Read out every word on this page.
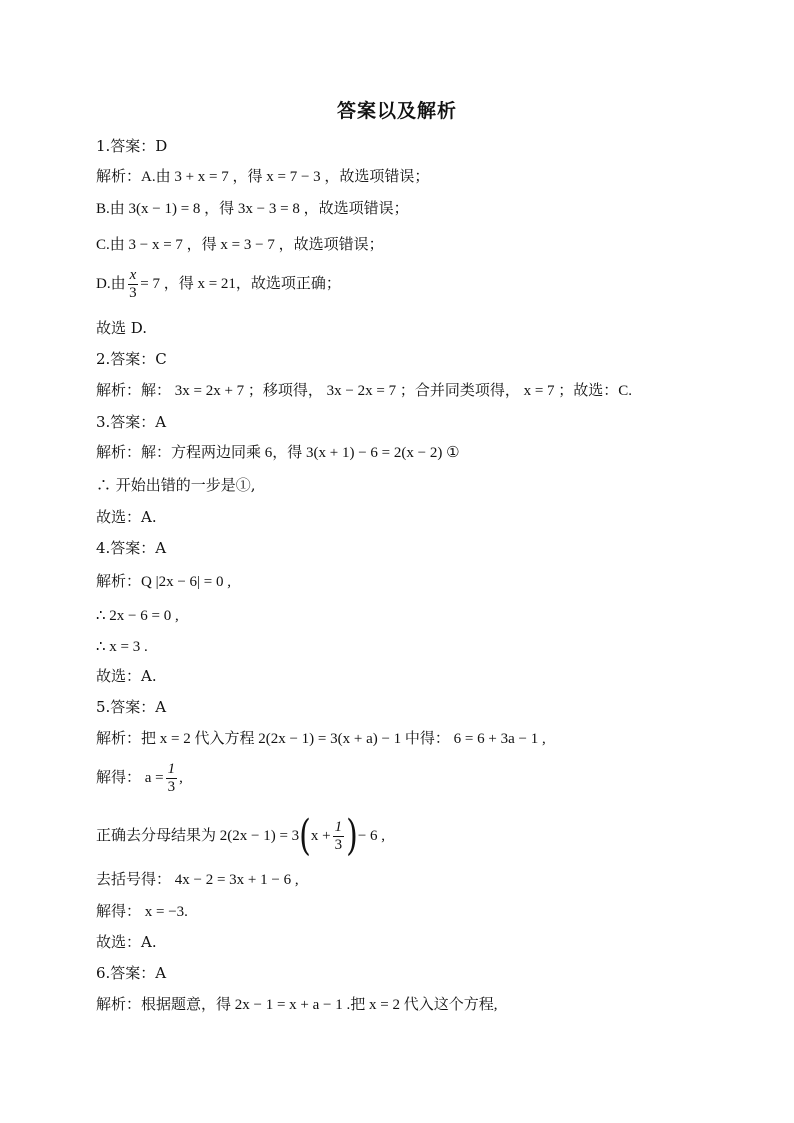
答案以及解析
1.答案：D
解析：A.由 3 + x = 7 ，得 x = 7 − 3 ，故选项错误；
B.由 3(x − 1) = 8 ，得 3x − 3 = 8 ，故选项错误；
C.由 3 − x = 7 ，得 x = 3 − 7 ，故选项错误；
D.由 $\frac{x}{3} = 7$ ，得 x = 21，故选项正确；
故选 D.
2.答案：C
解析：解： 3x = 2x + 7 ；移项得， 3x − 2x = 7 ；合并同类项得， x = 7 ；故选：C.
3.答案：A
解析：解：方程两边同乘 6，得 3(x + 1) − 6 = 2(x − 2) ①
∴ 开始出错的一步是①,
故选：A.
4.答案：A
解析：Q |2x − 6| = 0 ,
∴ 2x − 6 = 0 ,
∴ x = 3 .
故选：A.
5.答案：A
解析：把 x = 2 代入方程 2(2x − 1) = 3(x + a) − 1 中得： 6 = 6 + 3a − 1 ,
解得： $a = \frac{1}{3}$ ,
正确去分母结果为 $2(2x - 1) = 3(x + \frac{1}{3}$ )− 6 ,
去括号得： 4x − 2 = 3x + 1 − 6 ,
解得： x = −3.
故选：A.
6.答案：A
解析：根据题意，得 2x − 1 = x + a − 1 .把 x = 2 代入这个方程,
